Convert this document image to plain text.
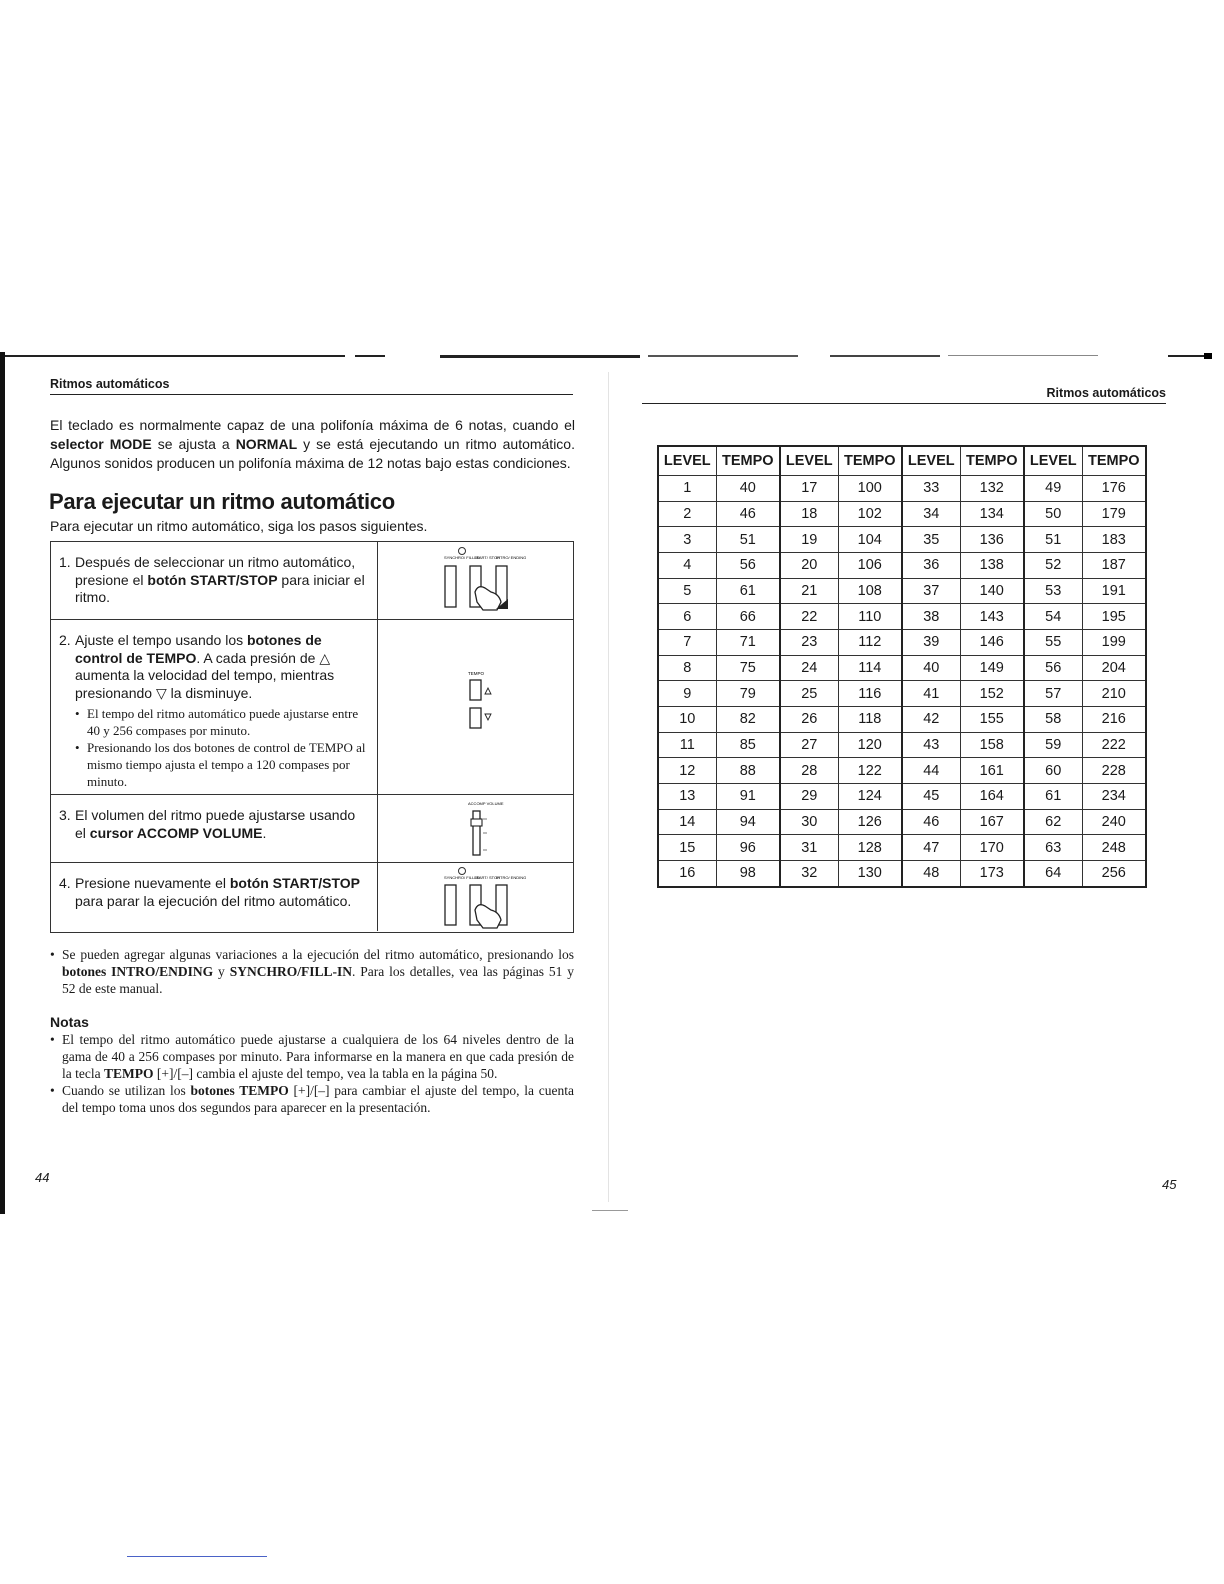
Ritmos automáticos
El teclado es normalmente capaz de una polifonía máxima de 6 notas, cuando el selector MODE se ajusta a NORMAL y se está ejecutando un ritmo automático. Algunos sonidos producen un polifonía máxima de 12 notas bajo estas condiciones.
Para ejecutar un ritmo automático
Para ejecutar un ritmo automático, siga los pasos siguientes.
1. Después de seleccionar un ritmo automático, presione el botón START/STOP para iniciar el ritmo.
SYNCHRO/ FILL-IN
START/ STOP
INTRO/ ENDING
2. Ajuste el tempo usando los botones de control de TEMPO. A cada presión de △ aumenta la velocidad del tempo, mientras presionando ▽ la disminuye.
• El tempo del ritmo automático puede ajustarse entre 40 y 256 compases por minuto.
• Presionando los dos botones de control de TEMPO al mismo tiempo ajusta el tempo a 120 compases por minuto.
TEMPO
3. El volumen del ritmo puede ajustarse usando el cursor ACCOMP VOLUME.
ACCOMP VOLUME
4. Presione nuevamente el botón START/STOP para parar la ejecución del ritmo automático.
SYNCHRO/ FILL-IN
START/ STOP
INTRO/ ENDING
• Se pueden agregar algunas variaciones a la ejecución del ritmo automático, presionando los botones INTRO/ENDING y SYNCHRO/FILL-IN. Para los detalles, vea las páginas 51 y 52 de este manual.
Notas
• El tempo del ritmo automático puede ajustarse a cualquiera de los 64 niveles dentro de la gama de 40 a 256 compases por minuto. Para informarse en la manera en que cada presión de la tecla TEMPO [+]/[–] cambia el ajuste del tempo, vea la tabla en la página 50.
• Cuando se utilizan los botones TEMPO [+]/[–] para cambiar el ajuste del tempo, la cuenta del tempo toma unos dos segundos para aparecer en la presentación.
44
Ritmos automáticos
LEVEL	TEMPO	LEVEL	TEMPO	LEVEL	TEMPO	LEVEL	TEMPO
1	40	17	100	33	132	49	176
2	46	18	102	34	134	50	179
3	51	19	104	35	136	51	183
4	56	20	106	36	138	52	187
5	61	21	108	37	140	53	191
6	66	22	110	38	143	54	195
7	71	23	112	39	146	55	199
8	75	24	114	40	149	56	204
9	79	25	116	41	152	57	210
10	82	26	118	42	155	58	216
11	85	27	120	43	158	59	222
12	88	28	122	44	161	60	228
13	91	29	124	45	164	61	234
14	94	30	126	46	167	62	240
15	96	31	128	47	170	63	248
16	98	32	130	48	173	64	256
45
